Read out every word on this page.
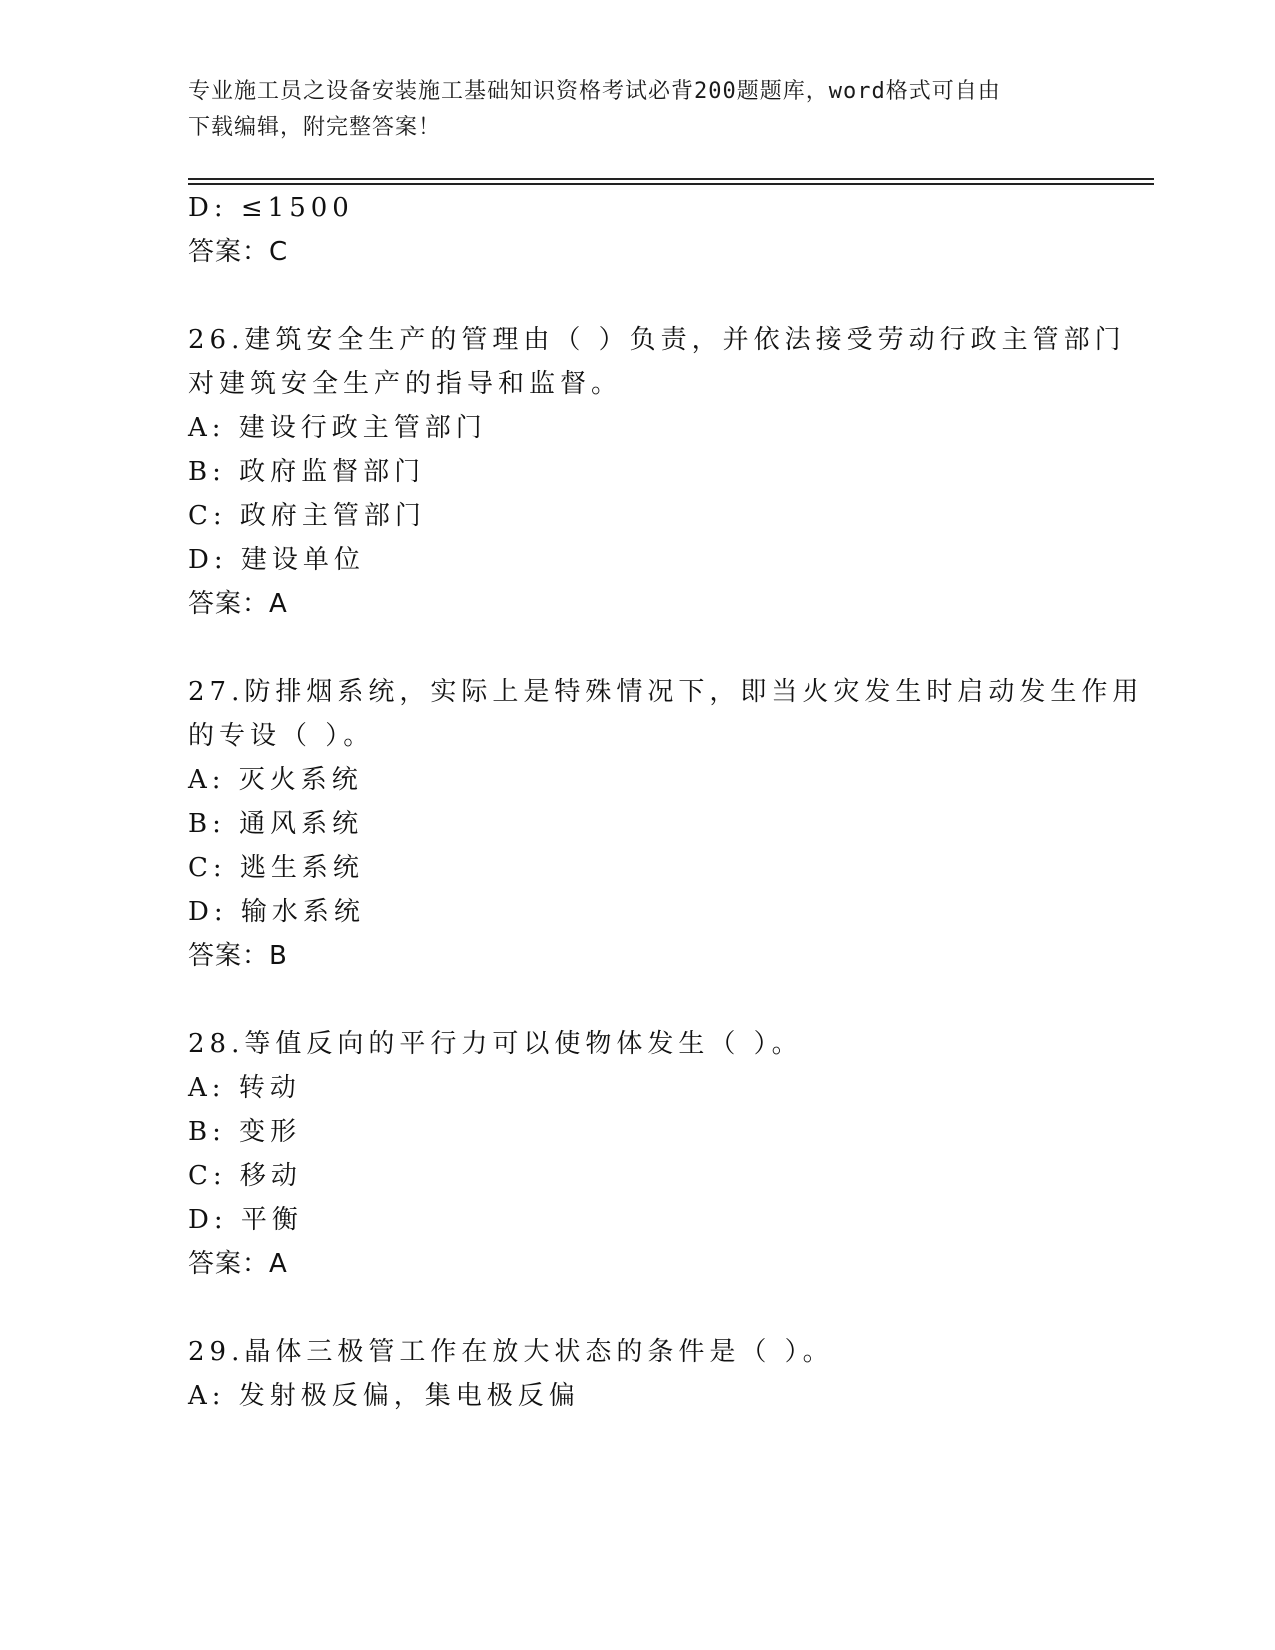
专业施工员之设备安装施工基础知识资格考试必背200题题库，word格式可自由
下载编辑，附完整答案！
D: ≤1500
答案：C
26.建筑安全生产的管理由（ ）负责，并依法接受劳动行政主管部门
对建筑安全生产的指导和监督。
A: 建设行政主管部门
B: 政府监督部门
C: 政府主管部门
D: 建设单位
答案：A
27.防排烟系统，实际上是特殊情况下，即当火灾发生时启动发生作用
的专设（ ）。
A: 灭火系统
B: 通风系统
C: 逃生系统
D: 输水系统
答案：B
28.等值反向的平行力可以使物体发生（ ）。
A: 转动
B: 变形
C: 移动
D: 平衡
答案：A
29.晶体三极管工作在放大状态的条件是（ ）。
A: 发射极反偏，集电极反偏
